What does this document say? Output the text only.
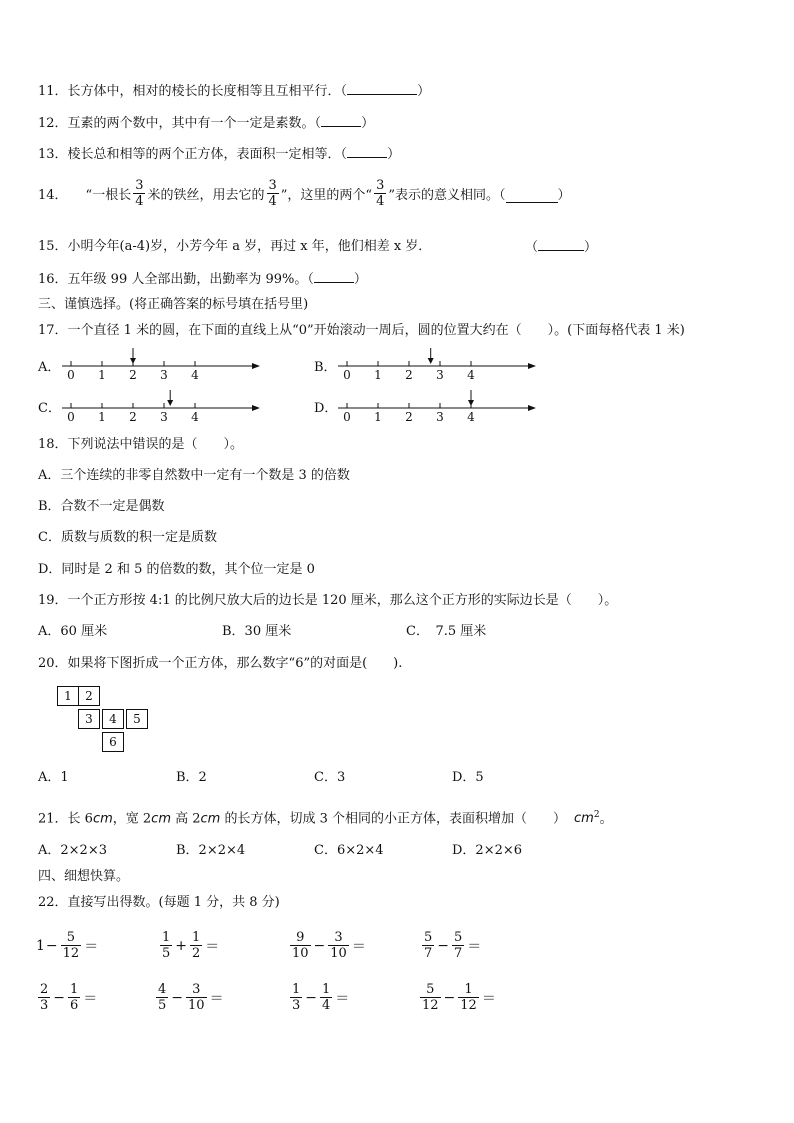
11．长方体中，相对的棱长的长度相等且互相平行．（	）
12．互素的两个数中，其中有一个一定是素数。（	）
13．棱长总和相等的两个正方体，表面积一定相等．（	）
14． “一根长 $\frac{3}{4}$ 米的铁丝，用去它的 $\frac{3}{4}$ ”，这里的两个“ $\frac{3}{4}$ ”表示的意义相同。（	）
15．小明今年(a-4)岁，小芳今年 a 岁，再过 x 年，他们相差 x 岁．	（	）
16．五年级 99 人全部出勤，出勤率为 99%。（	）
三、谨慎选择。(将正确答案的标号填在括号里)
17．一个直径 1 米的圆，在下面的直线上从“0”开始滚动一周后，圆的位置大约在（　　）。(下面每格代表 1 米)
A．	B．
C．	D．
0 1 2 3 4	0 1 2 3 4
0 1 2 3 4	0 1 2 3 4
18．下列说法中错误的是（　　）。
A．三个连续的非零自然数中一定有一个数是 3 的倍数
B．合数不一定是偶数
C．质数与质数的积一定是质数
D．同时是 2 和 5 的倍数的数，其个位一定是 0
19．一个正方形按 4:1 的比例尺放大后的边长是 120 厘米，那么这个正方形的实际边长是（　　）。
A．60 厘米	B．30 厘米	C．　7.5 厘米
20．如果将下图折成一个正方体，那么数字“6”的对面是(　　).
1	2
3	4	5
6
A．1	B．2	C．3	D．5
21．长 6cm，宽 2cm 高 2cm 的长方体，切成 3 个相同的小正方体，表面积增加（　　） $cm^2$。
A．2×2×3	B．2×2×4	C．6×2×4	D．2×2×6
四、细想快算。
22．直接写出得数。(每题 1 分，共 8 分)
$1 - \frac{5}{12}$ ＝	$\frac{1}{5} + \frac{1}{2}$ ＝	$\frac{9}{10} - \frac{3}{10}$ ＝	$\frac{5}{7} - \frac{5}{7}$ ＝
$\frac{2}{3} - \frac{1}{6}$ ＝	$\frac{4}{5} - \frac{3}{10}$ ＝	$\frac{1}{3} - \frac{1}{4}$ ＝	$\frac{5}{12} - \frac{1}{12}$ ＝
